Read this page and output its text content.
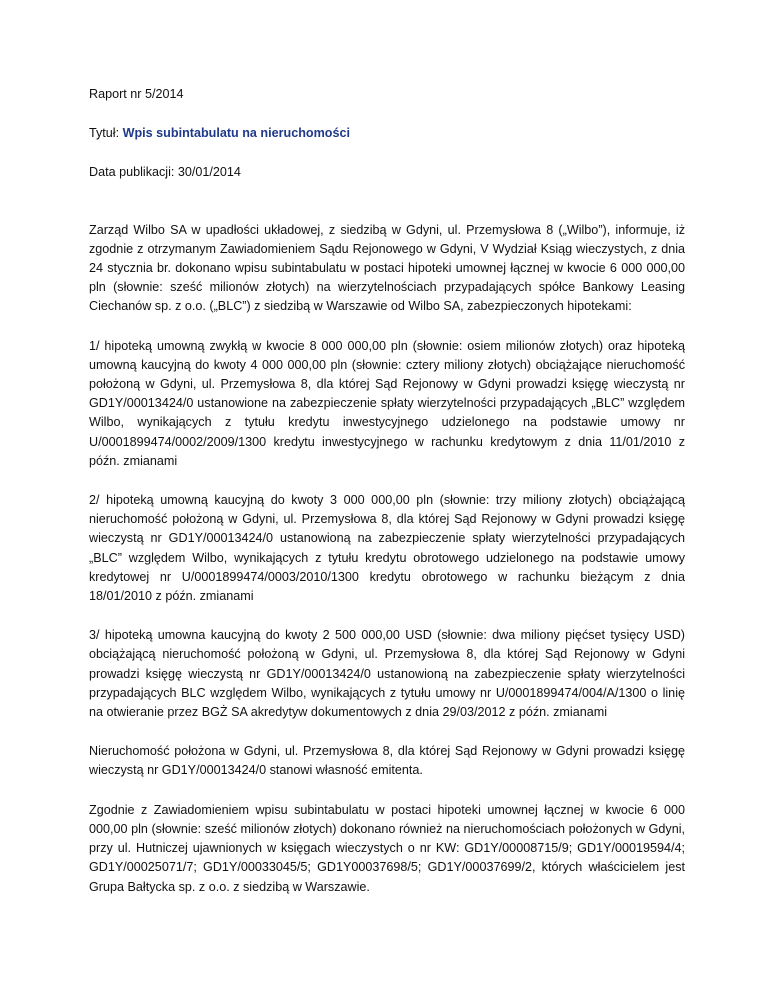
Raport nr 5/2014

Tytuł: Wpis subintabulatu na nieruchomości

Data publikacji: 30/01/2014

Zarząd Wilbo SA w upadłości układowej, z siedzibą w Gdyni, ul. Przemysłowa 8 („Wilbo”), informuje, iż zgodnie z otrzymanym Zawiadomieniem Sądu Rejonowego w Gdyni, V Wydział Ksiąg wieczystych, z dnia 24 stycznia br. dokonano wpisu subintabulatu w postaci hipoteki umownej łącznej w kwocie 6 000 000,00 pln (słownie: sześć milionów złotych) na wierzytelnościach przypadających spółce Bankowy Leasing Ciechanów sp. z o.o. („BLC”) z siedzibą w Warszawie od Wilbo SA, zabezpieczonych hipotekami:

1/ hipoteką umowną zwykłą w kwocie 8 000 000,00 pln (słownie: osiem milionów złotych) oraz hipoteką umowną kaucyjną do kwoty 4 000 000,00 pln (słownie: cztery miliony złotych) obciążające nieruchomość położoną w Gdyni, ul. Przemysłowa 8, dla której Sąd Rejonowy w Gdyni prowadzi księgę wieczystą nr GD1Y/00013424/0 ustanowione na zabezpieczenie spłaty wierzytelności przypadających „BLC” względem Wilbo, wynikających z tytułu kredytu inwestycyjnego udzielonego na podstawie umowy nr U/0001899474/0002/2009/1300 kredytu inwestycyjnego w rachunku kredytowym z dnia 11/01/2010 z późn. zmianami

2/ hipoteką umowną kaucyjną do kwoty 3 000 000,00 pln (słownie: trzy miliony złotych) obciążającą nieruchomość położoną w Gdyni, ul. Przemysłowa 8, dla której Sąd Rejonowy w Gdyni prowadzi księgę wieczystą nr GD1Y/00013424/0 ustanowioną na zabezpieczenie spłaty wierzytelności przypadających „BLC” względem Wilbo, wynikających z tytułu kredytu obrotowego udzielonego na podstawie umowy kredytowej nr U/0001899474/0003/2010/1300 kredytu obrotowego w rachunku bieżącym z dnia 18/01/2010 z późn. zmianami

3/ hipoteką umowna kaucyjną do kwoty 2 500 000,00 USD (słownie: dwa miliony pięćset tysięcy USD) obciążającą nieruchomość położoną w Gdyni, ul. Przemysłowa 8, dla której Sąd Rejonowy w Gdyni prowadzi księgę wieczystą nr GD1Y/00013424/0 ustanowioną na zabezpieczenie spłaty wierzytelności przypadających BLC względem Wilbo, wynikających z tytułu umowy nr U/0001899474/004/A/1300 o linię na otwieranie przez BGŻ SA akredytyw dokumentowych z dnia 29/03/2012 z późn. zmianami

Nieruchomość położona w Gdyni, ul. Przemysłowa 8, dla której Sąd Rejonowy w Gdyni prowadzi księgę wieczystą nr GD1Y/00013424/0 stanowi własność emitenta.

Zgodnie z Zawiadomieniem wpisu subintabulatu w postaci hipoteki umownej łącznej w kwocie 6 000 000,00 pln (słownie: sześć milionów złotych) dokonano również na nieruchomościach położonych w Gdyni, przy ul. Hutniczej ujawnionych w księgach wieczystych o nr KW: GD1Y/00008715/9; GD1Y/00019594/4; GD1Y/00025071/7; GD1Y/00033045/5; GD1Y00037698/5; GD1Y/00037699/2, których właścicielem jest Grupa Bałtycka sp. z o.o. z siedzibą w Warszawie.
